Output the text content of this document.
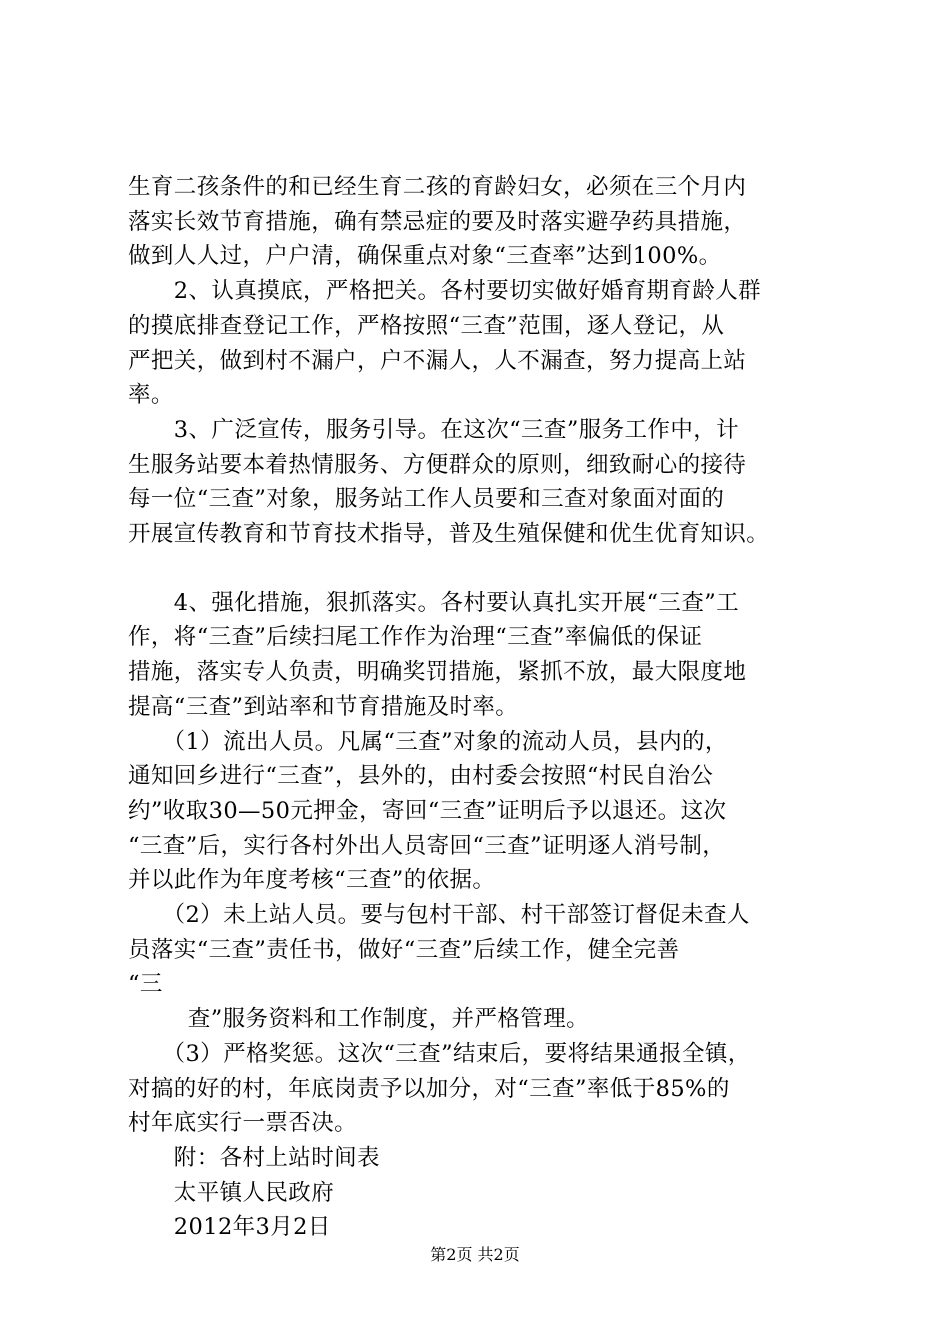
生育二孩条件的和已经生育二孩的育龄妇女，必须在三个月内

落实长效节育措施，确有禁忌症的要及时落实避孕药具措施，

做到人人过，户户清，确保重点对象“三查率”达到100%。

　　2、认真摸底，严格把关。各村要切实做好婚育期育龄人群

的摸底排查登记工作，严格按照“三查”范围，逐人登记，从

严把关，做到村不漏户，户不漏人，人不漏查，努力提高上站

率。

　　3、广泛宣传，服务引导。在这次“三查”服务工作中，计

生服务站要本着热情服务、方便群众的原则，细致耐心的接待

每一位“三查”对象，服务站工作人员要和三查对象面对面的

开展宣传教育和节育技术指导，普及生殖保健和优生优育知识。

　　4、强化措施，狠抓落实。各村要认真扎实开展“三查”工

作，将“三查”后续扫尾工作作为治理“三查”率偏低的保证

措施，落实专人负责，明确奖罚措施，紧抓不放，最大限度地

提高“三查”到站率和节育措施及时率。

　　（1）流出人员。凡属“三查”对象的流动人员，县内的，

通知回乡进行“三查”，县外的，由村委会按照“村民自治公

约”收取30—50元押金，寄回“三查”证明后予以退还。这次

“三查”后，实行各村外出人员寄回“三查”证明逐人消号制，

并以此作为年度考核“三查”的依据。

　　（2）未上站人员。要与包村干部、村干部签订督促未查人

员落实“三查”责任书，做好“三查”后续工作，健全完善

“三

　　查”服务资料和工作制度，并严格管理。

　　（3）严格奖惩。这次“三查”结束后，要将结果通报全镇，

对搞的好的村，年底岗责予以加分，对“三查”率低于85%的

村年底实行一票否决。

　　附：各村上站时间表

　　太平镇人民政府

　　2012年3月2日

第2页 共2页
